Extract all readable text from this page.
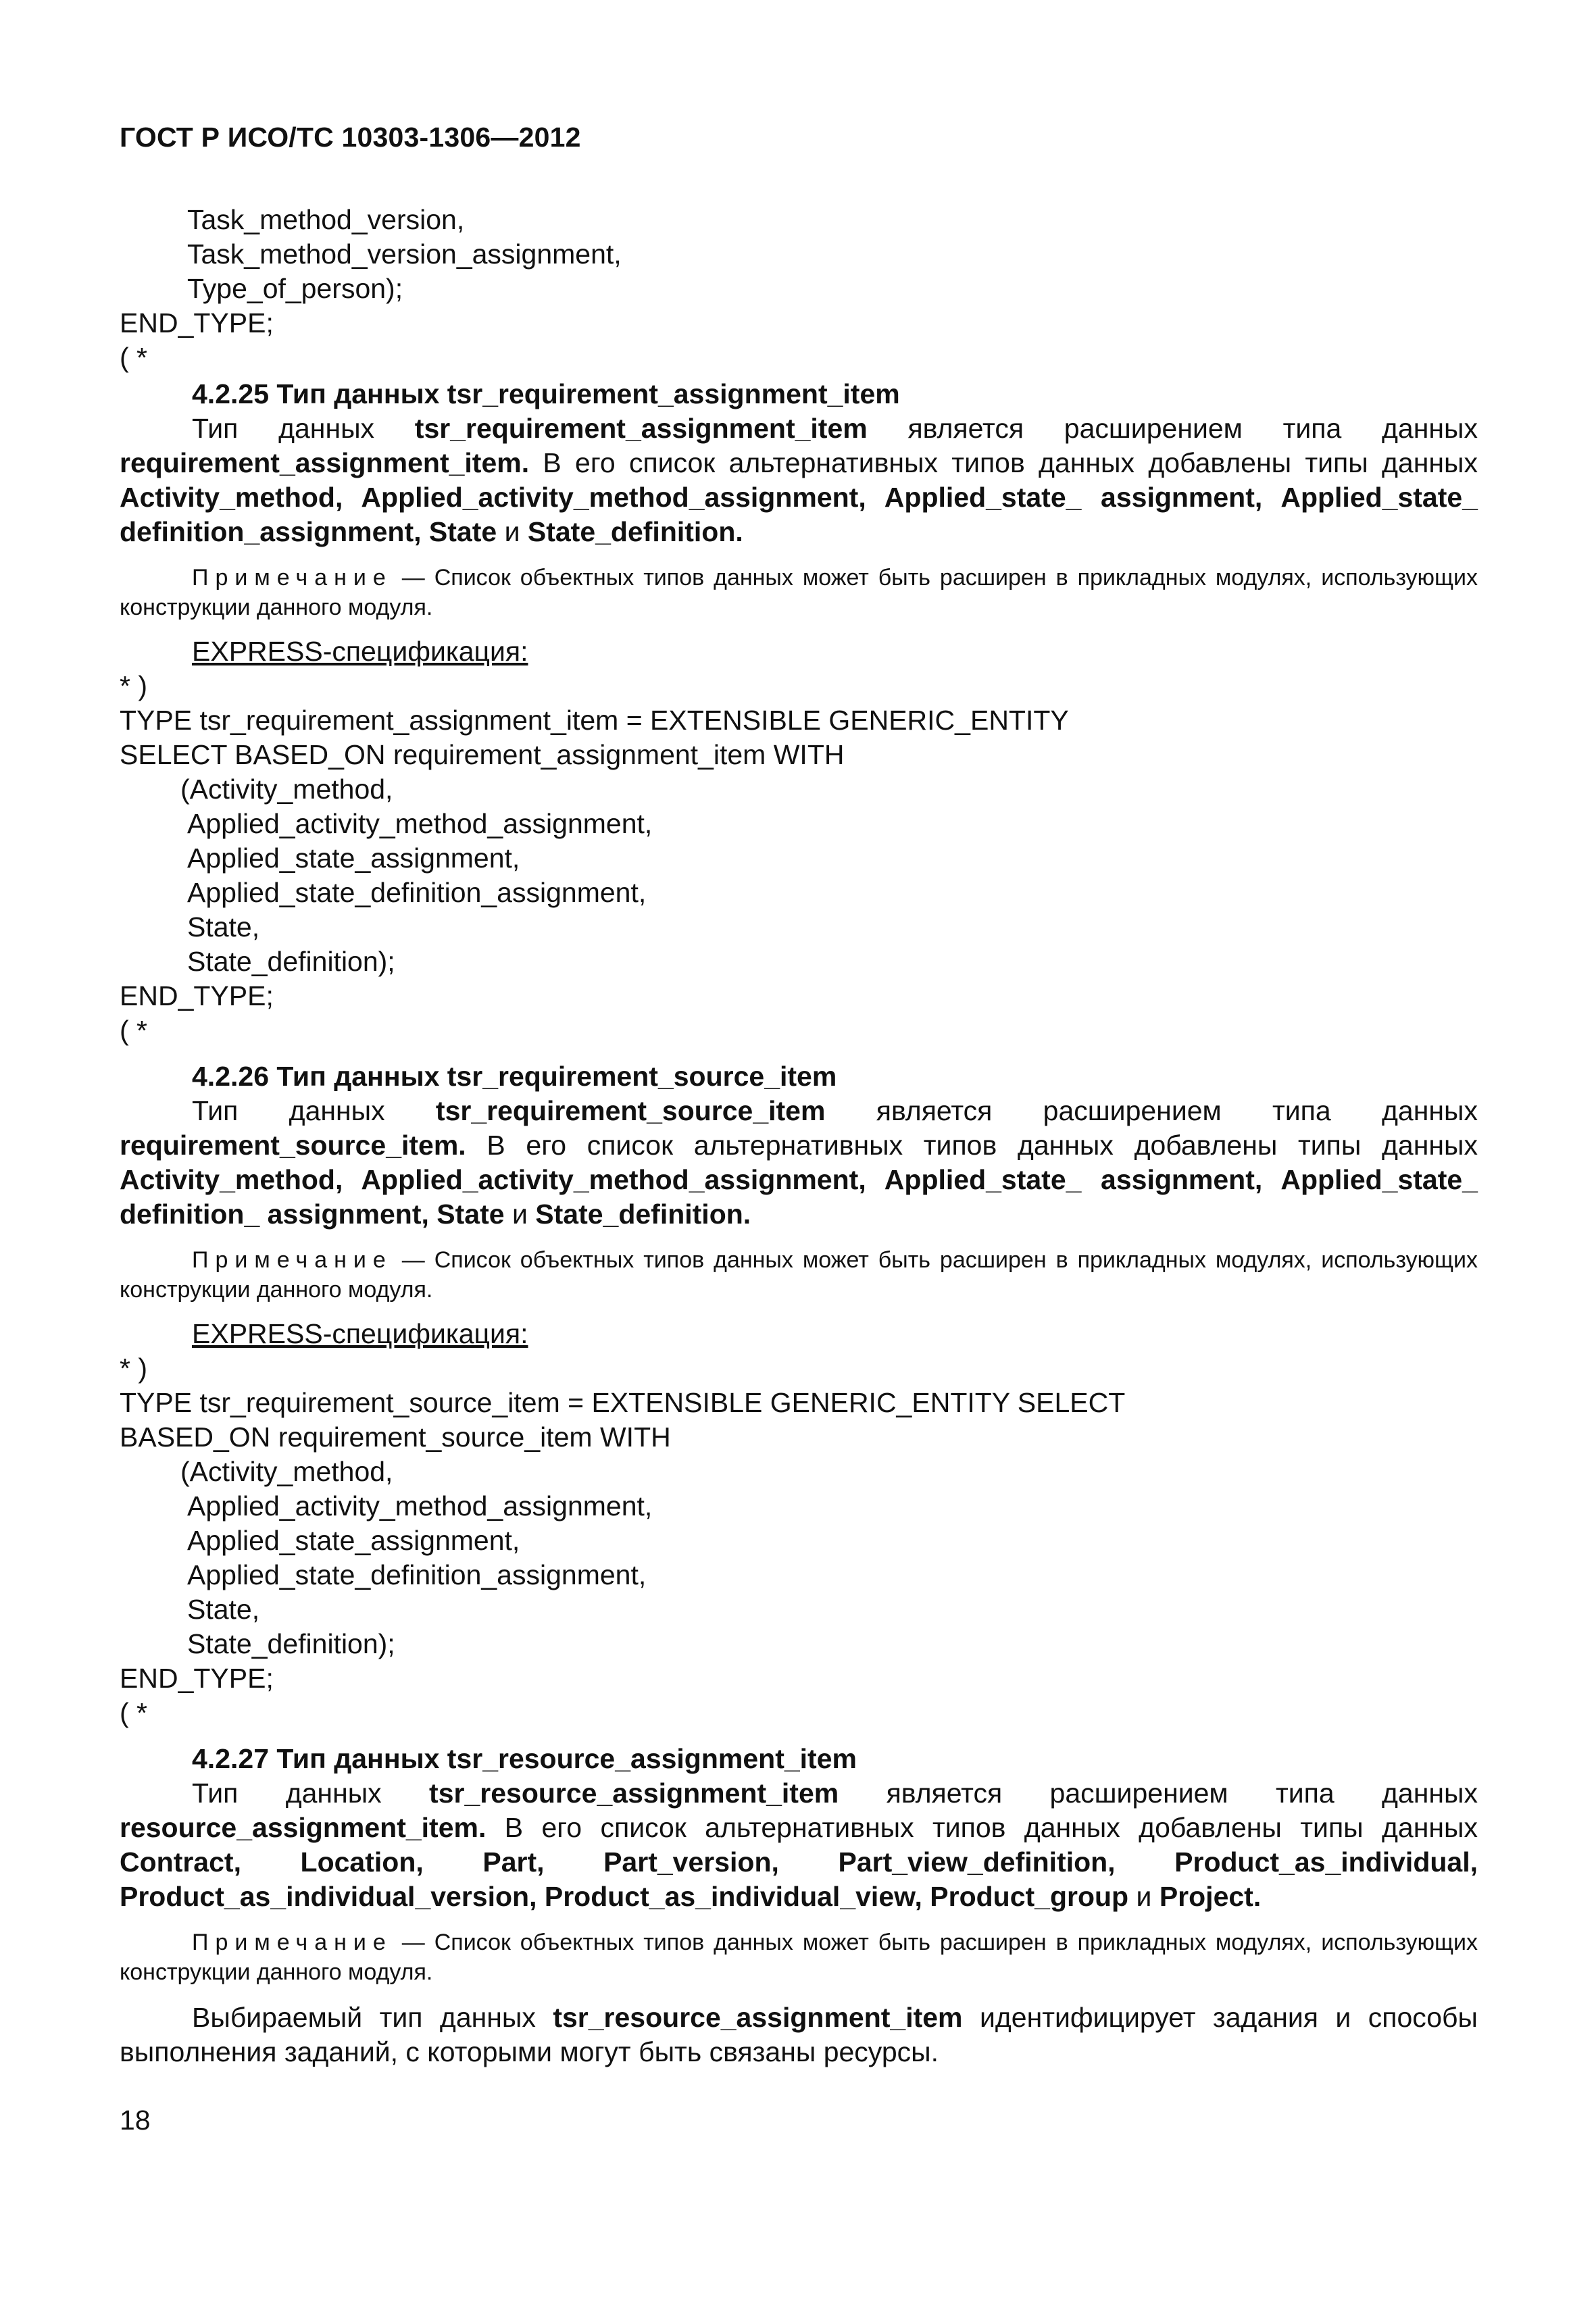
ГОСТ Р ИСО/ТС 10303-1306—2012
Task_method_version,
Task_method_version_assignment,
Type_of_person);
END_TYPE;
( *
4.2.25 Тип данных tsr_requirement_assignment_item
Тип данных tsr_requirement_assignment_item является расширением типа данных requirement_assignment_item. В его список альтернативных типов данных добавлены типы данных Activity_method, Applied_activity_method_assignment, Applied_state_ assignment, Applied_state_ definition_assignment, State и State_definition.
Примечание — Список объектных типов данных может быть расширен в прикладных модулях, использующих конструкции данного модуля.
EXPRESS-спецификация:
* )
TYPE tsr_requirement_assignment_item = EXTENSIBLE GENERIC_ENTITY
SELECT BASED_ON requirement_assignment_item WITH
(Activity_method,
Applied_activity_method_assignment,
Applied_state_assignment,
Applied_state_definition_assignment,
State,
State_definition);
END_TYPE;
( *
4.2.26 Тип данных tsr_requirement_source_item
Тип данных tsr_requirement_source_item является расширением типа данных requirement_source_item. В его список альтернативных типов данных добавлены типы данных Activity_method, Applied_activity_method_assignment, Applied_state_ assignment, Applied_state_ definition_ assignment, State и State_definition.
Примечание — Список объектных типов данных может быть расширен в прикладных модулях, использующих конструкции данного модуля.
EXPRESS-спецификация:
* )
TYPE tsr_requirement_source_item = EXTENSIBLE GENERIC_ENTITY SELECT
BASED_ON requirement_source_item WITH
(Activity_method,
Applied_activity_method_assignment,
Applied_state_assignment,
Applied_state_definition_assignment,
State,
State_definition);
END_TYPE;
( *
4.2.27 Тип данных tsr_resource_assignment_item
Тип данных tsr_resource_assignment_item является расширением типа данных resource_assignment_item. В его список альтернативных типов данных добавлены типы данных Contract, Location, Part, Part_version, Part_view_definition, Product_as_individual, Product_as_individual_version, Product_as_individual_view, Product_group и Project.
Примечание — Список объектных типов данных может быть расширен в прикладных модулях, использующих конструкции данного модуля.
Выбираемый тип данных tsr_resource_assignment_item идентифицирует задания и способы выполнения заданий, с которыми могут быть связаны ресурсы.
18
